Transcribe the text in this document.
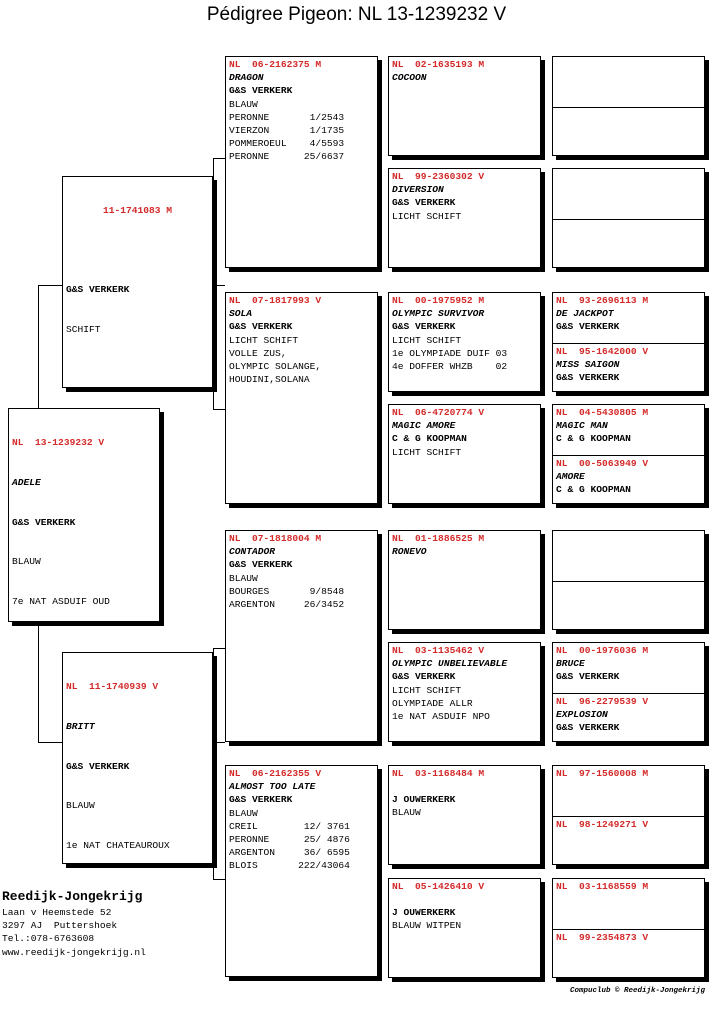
Pédigree Pigeon: NL 13-1239232 V

NL  13-1239232 V

ADELE

G&S VERKERK

BLAUW

7e NAT ASDUIF OUD

11-1741083 M

G&S VERKERK

SCHIFT

NL  11-1740939 V

BRITT

G&S VERKERK

BLAUW

1e NAT CHATEAUROUX

NL  06-2162375 M
DRAGON
G&S VERKERK
BLAUW
PERONNE       1/2543
VIERZON       1/1735
POMMEROEUL    4/5593
PERONNE      25/6637
NL  07-1817993 V
SOLA
G&S VERKERK
LICHT SCHIFT
VOLLE ZUS,
OLYMPIC SOLANGE,
HOUDINI,SOLANA
NL  07-1818004 M
CONTADOR
G&S VERKERK
BLAUW
BOURGES       9/8548
ARGENTON     26/3452
NL  06-2162355 V
ALMOST TOO LATE
G&S VERKERK
BLAUW
CREIL        12/ 3761
PERONNE      25/ 4876
ARGENTON     36/ 6595
BLOIS       222/43064
NL  02-1635193 M
COCOON
NL  99-2360302 V
DIVERSION
G&S VERKERK
LICHT SCHIFT
NL  00-1975952 M
OLYMPIC SURVIVOR
G&S VERKERK
LICHT SCHIFT
1e OLYMPIADE DUIF 03
4e DOFFER WHZB    02
NL  06-4720774 V
MAGIC AMORE
C & G KOOPMAN
LICHT SCHIFT
NL  01-1886525 M
RONEVO
NL  03-1135462 V
OLYMPIC UNBELIEVABLE
G&S VERKERK
LICHT SCHIFT
OLYMPIADE ALLR
1e NAT ASDUIF NPO
NL  03-1168484 M
J OUWERKERK
BLAUW
NL  05-1426410 V
J OUWERKERK
BLAUW WITPEN
NL  93-2696113 M
DE JACKPOT
G&S VERKERK
NL  95-1642000 V
MISS SAIGON
G&S VERKERK
NL  04-5430805 M
MAGIC MAN
C & G KOOPMAN
NL  00-5063949 V
AMORE
C & G KOOPMAN
NL  00-1976036 M
BRUCE
G&S VERKERK
NL  96-2279539 V
EXPLOSION
G&S VERKERK
NL  97-1560008 M
NL  98-1249271 V
NL  03-1168559 M
NL  99-2354873 V
Reedijk-Jongekrijg
Laan v Heemstede 52
3297 AJ  Puttershoek
Tel.:078-6763608
www.reedijk-jongekrijg.nl
Compuclub © Reedijk-Jongekrijg
